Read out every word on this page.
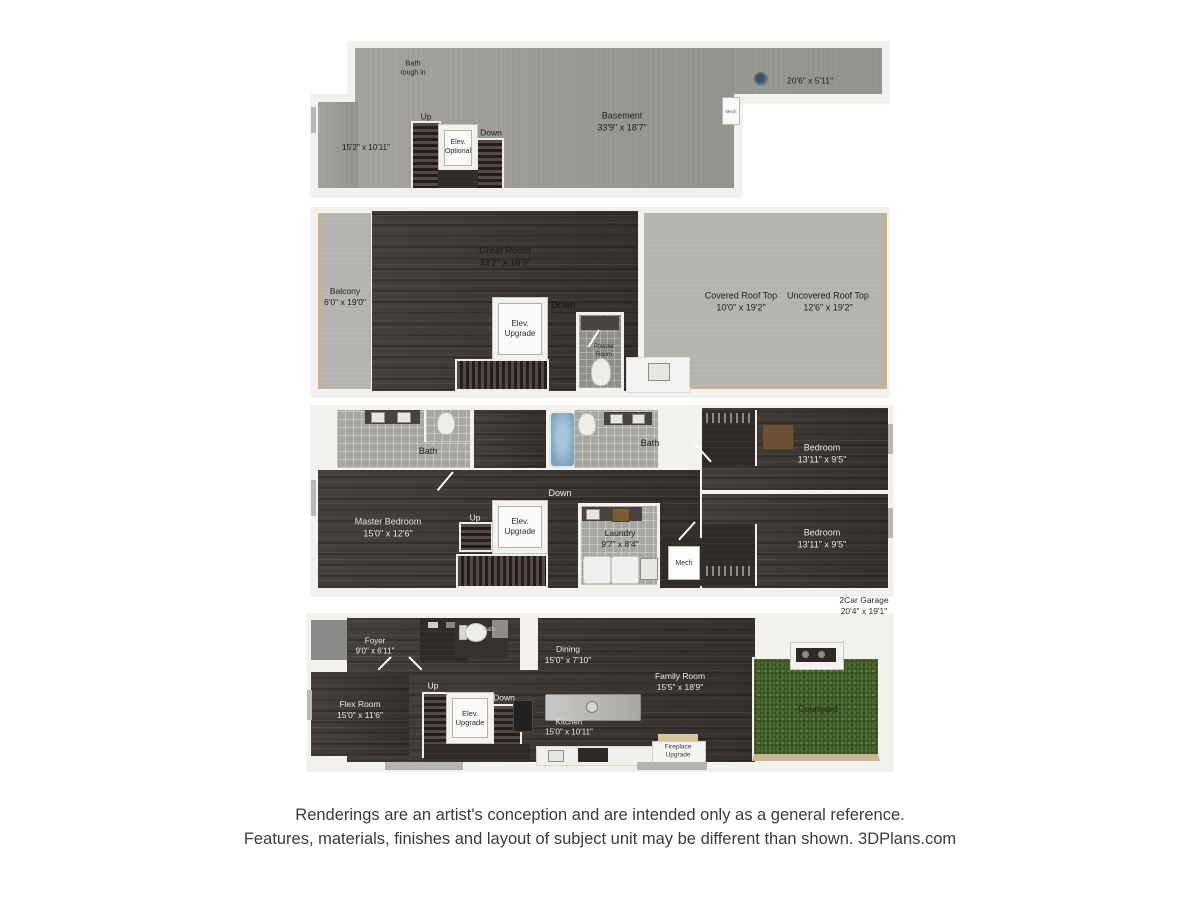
Elev.
Optional
Mech
Bath
rough in
15'2" x 10'11"
Up
Down
Basement
33'9" x 18'7"
20'6" x 5'11"
Elev.
Upgrade
Balcony
6'0" x 19'0"
Great Room
33'2" x 18'9"
Down
Powder
Room
Covered Roof Top
10'0" x 19'2"
Uncovered Roof Top
12'6" x 19'2"
Elev.
Upgrade
Mech
Bath
Bath
Master Bedroom
15'0" x 12'6"
Up
Down
Laundry
9'7" x 8'4"
Bedroom
13'11" x 9'5"
Bedroom
13'11" x 9'5"
Elev.
Upgrade
2Car Garage
20'4" x 19'1"
Foyer
9'0" x 6'11"
Bath
Dining
15'0" x 7'10"
Family Room
15'5" x 18'9"
Flex Room
15'0" x 11'6"
Up
Down
Kitchen
15'0" x 10'11"
Fireplace
Upgrade
Courtyard
Renderings are an artist's conception and are intended only as a general reference.
Features, materials, finishes and layout of subject unit may be different than shown. 3DPlans.com
